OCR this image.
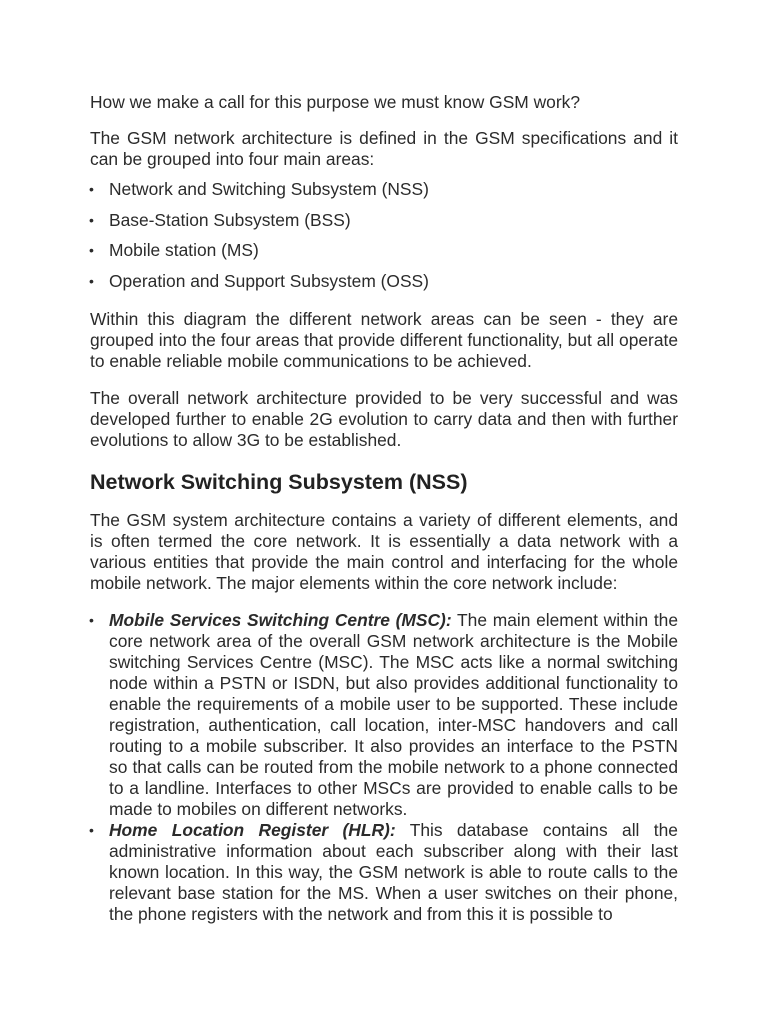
How we make a call for this purpose we must know GSM work?

The GSM network architecture is defined in the GSM specifications and it can be grouped into four main areas:

• Network and Switching Subsystem (NSS)
• Base-Station Subsystem (BSS)
• Mobile station (MS)
• Operation and Support Subsystem (OSS)

Within this diagram the different network areas can be seen - they are grouped into the four areas that provide different functionality, but all operate to enable reliable mobile communications to be achieved.

The overall network architecture provided to be very successful and was developed further to enable 2G evolution to carry data and then with further evolutions to allow 3G to be established.

Network Switching Subsystem (NSS)

The GSM system architecture contains a variety of different elements, and is often termed the core network. It is essentially a data network with a various entities that provide the main control and interfacing for the whole mobile network. The major elements within the core network include:

• Mobile Services Switching Centre (MSC): The main element within the core network area of the overall GSM network architecture is the Mobile switching Services Centre (MSC). The MSC acts like a normal switching node within a PSTN or ISDN, but also provides additional functionality to enable the requirements of a mobile user to be supported. These include registration, authentication, call location, inter-MSC handovers and call routing to a mobile subscriber. It also provides an interface to the PSTN so that calls can be routed from the mobile network to a phone connected to a landline. Interfaces to other MSCs are provided to enable calls to be made to mobiles on different networks.
• Home Location Register (HLR): This database contains all the administrative information about each subscriber along with their last known location. In this way, the GSM network is able to route calls to the relevant base station for the MS. When a user switches on their phone, the phone registers with the network and from this it is possible to
